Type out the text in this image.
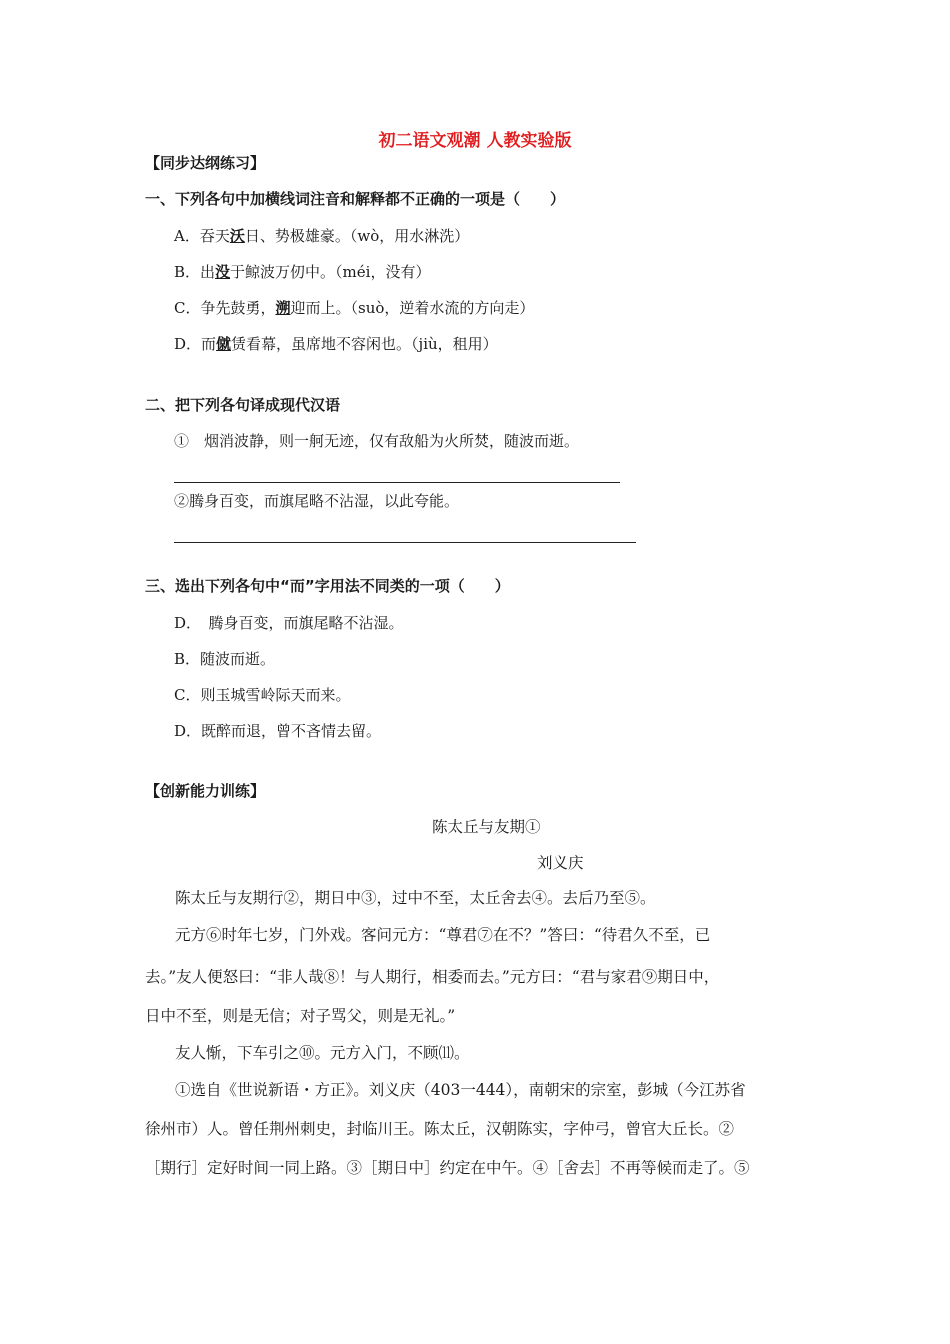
初二语文观潮 人教实验版
【同步达纲练习】
一、下列各句中加横线词注音和解释都不正确的一项是（　　）
A．吞天沃日、势极雄豪。（wò，用水淋洗）
B．出没于鲸波万仞中。（méi，没有）
C．争先鼓勇，溯迎而上。（suò，逆着水流的方向走）
D．而僦赁看幕，虽席地不容闲也。（jiù，租用）
二、把下列各句译成现代汉语
①　烟消波静，则一舸无迹，仅有敌船为火所焚，随波而逝。
②腾身百变，而旗尾略不沾湿，以此夸能。
三、选出下列各句中“而”字用法不同类的一项（　　）
D．　腾身百变，而旗尾略不沾湿。
B．随波而逝。
C．则玉城雪岭际天而来。
D．既醉而退，曾不吝情去留。
【创新能力训练】
陈太丘与友期①
刘义庆
陈太丘与友期行②，期日中③，过中不至，太丘舍去④。去后乃至⑤。
元方⑥时年七岁，门外戏。客问元方：“尊君⑦在不？”答曰：“待君久不至，已
去。”友人便怒曰：“非人哉⑧！与人期行，相委而去。”元方曰：“君与家君⑨期日中，
日中不至，则是无信；对子骂父，则是无礼。”
友人惭，下车引之⑩。元方入门，不顾⑾。
①选自《世说新语・方正》。刘义庆（403一444），南朝宋的宗室，彭城（今江苏省
徐州市）人。曾任荆州刺史，封临川王。陈太丘，汉朝陈实，字仲弓，曾官大丘长。②
［期行］定好时间一同上路。③［期日中］约定在中午。④［舍去］不再等候而走了。⑤
